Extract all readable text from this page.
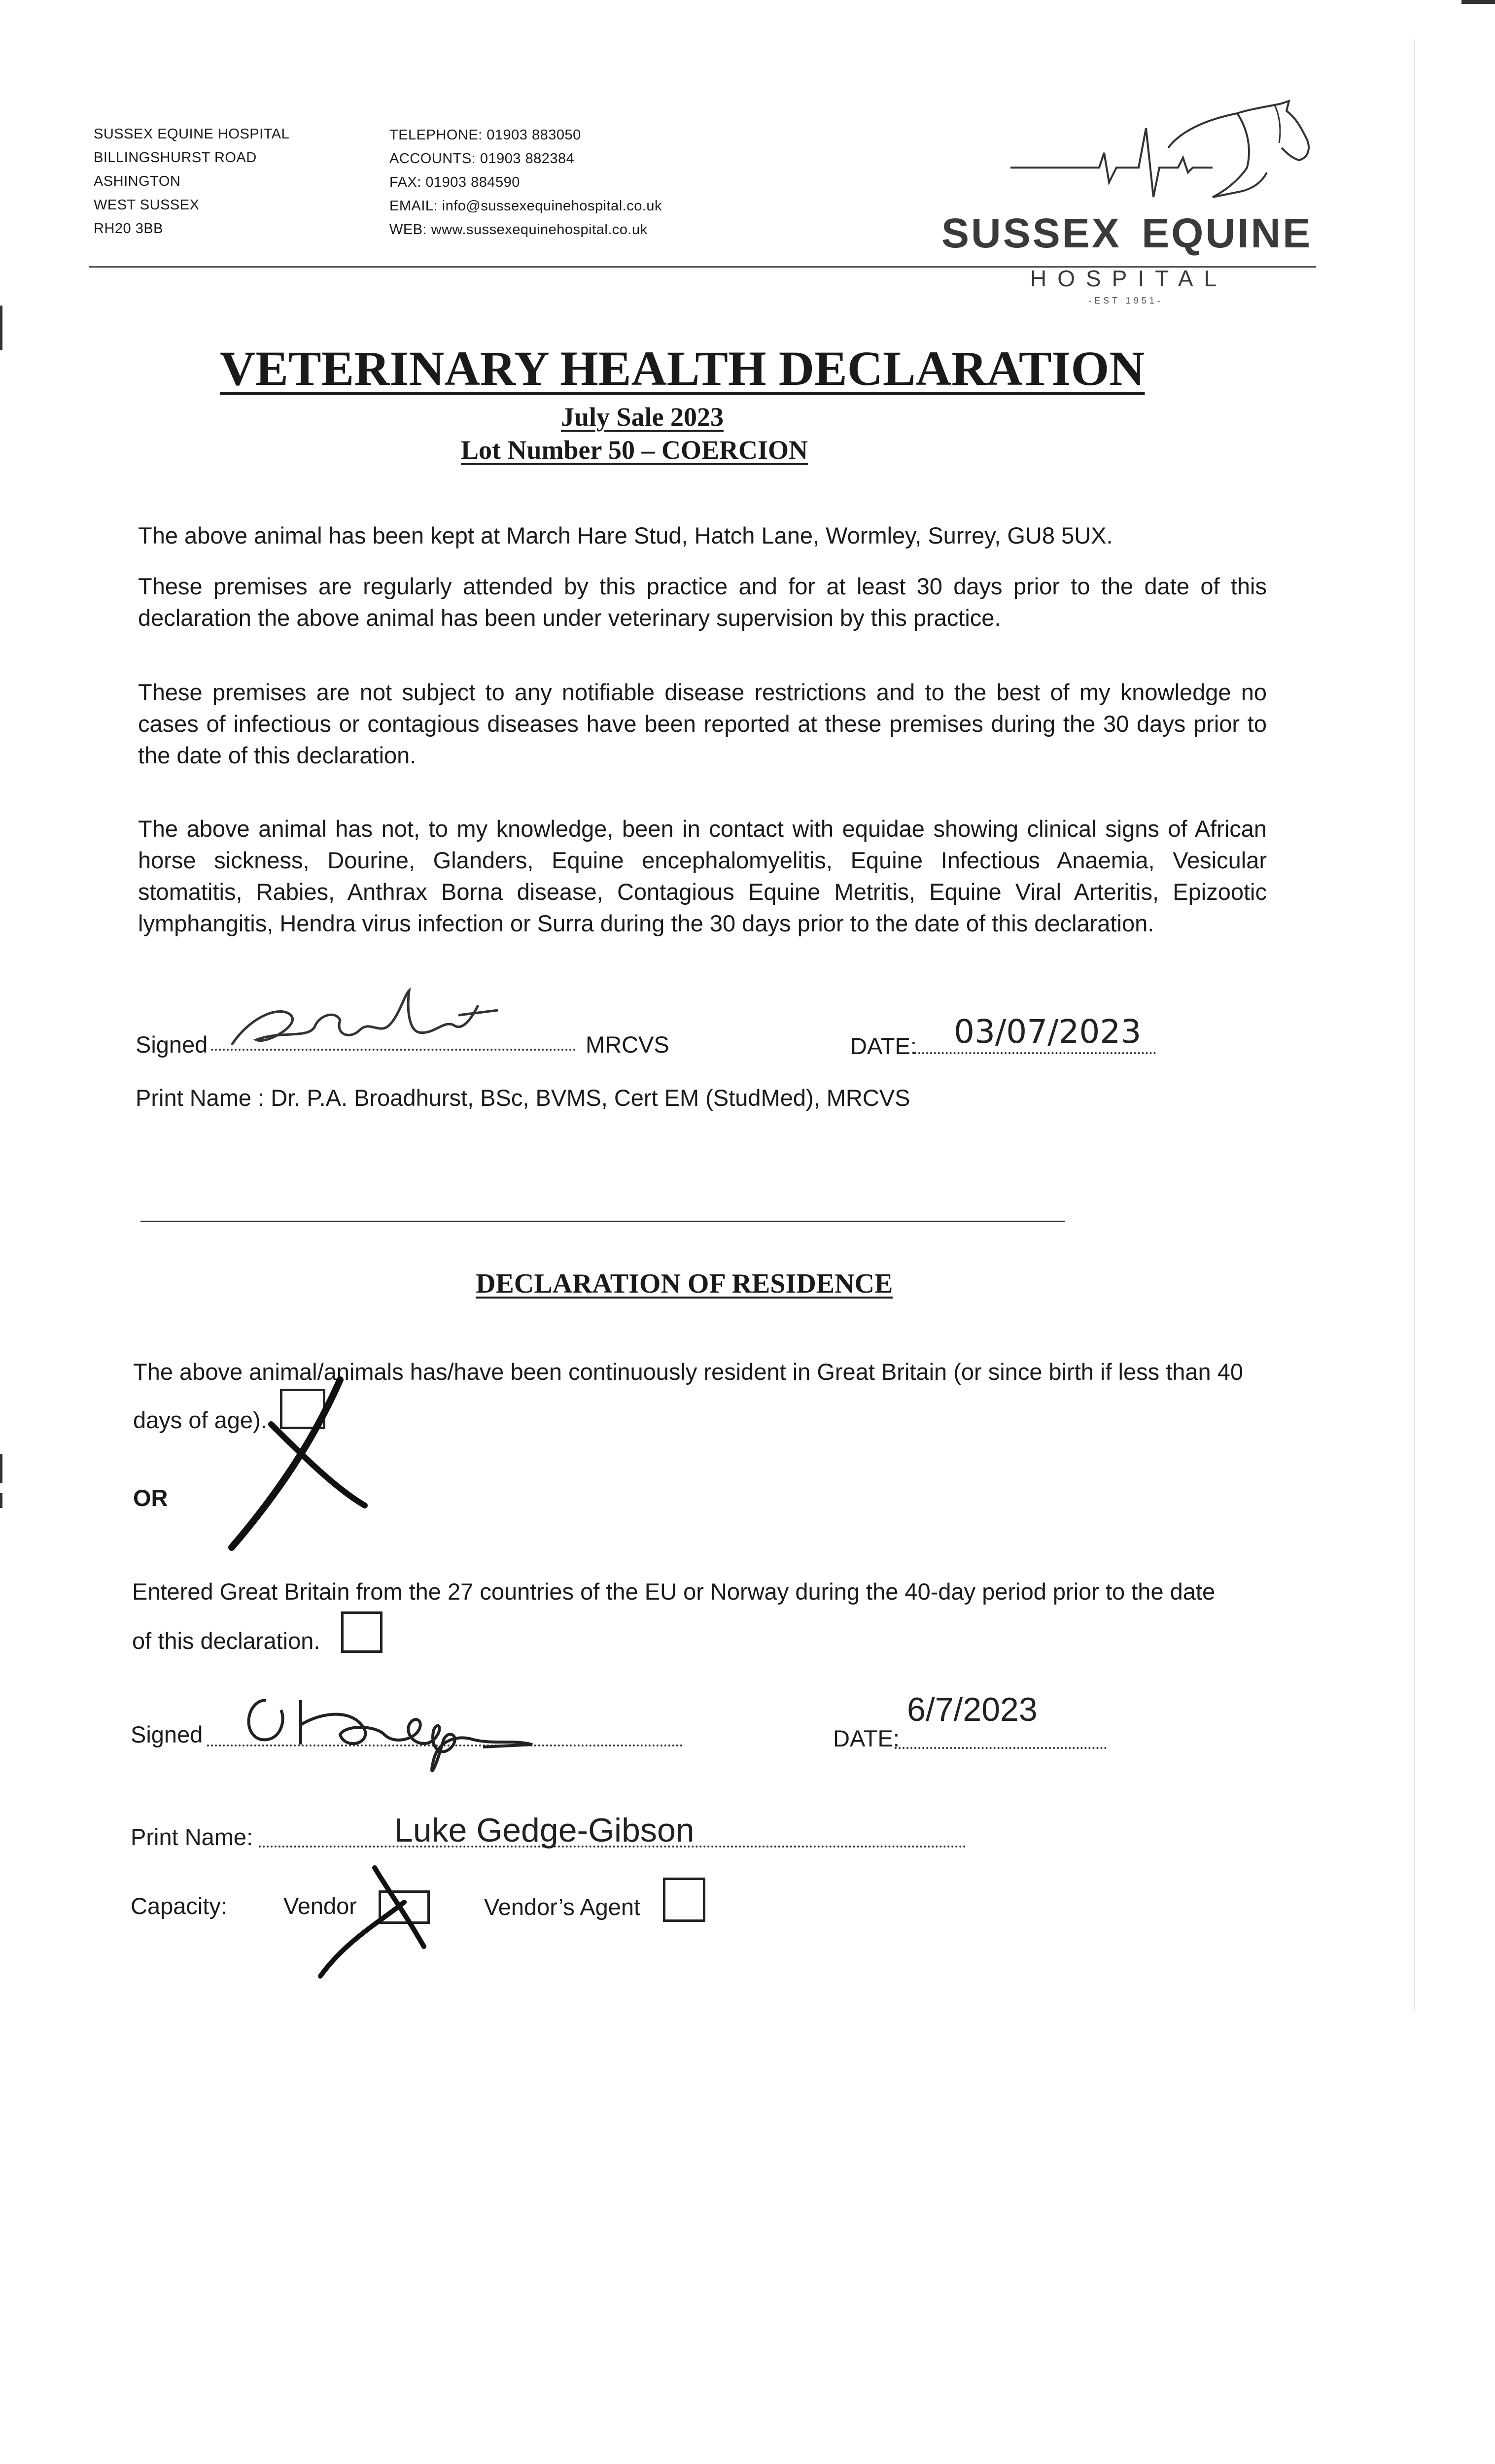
SUSSEX EQUINE HOSPITAL
BILLINGSHURST ROAD
ASHINGTON
WEST SUSSEX
RH20 3BB
TELEPHONE: 01903 883050
ACCOUNTS: 01903 882384
FAX: 01903 884590
EMAIL: info@sussexequinehospital.co.uk
WEB: www.sussexequinehospital.co.uk	SUSSEX EQUINE
HOSPITAL
-EST 1951-
VETERINARY HEALTH DECLARATION
July Sale 2023
Lot Number 50 – COERCION
The above animal has been kept at March Hare Stud, Hatch Lane, Wormley, Surrey, GU8 5UX.
These premises are regularly attended by this practice and for at least 30 days prior to the date of this declaration the above animal has been under veterinary supervision by this practice.
These premises are not subject to any notifiable disease restrictions and to the best of my knowledge no cases of infectious or contagious diseases have been reported at these premises during the 30 days prior to the date of this declaration.
The above animal has not, to my knowledge, been in contact with equidae showing clinical signs of African horse sickness, Dourine, Glanders, Equine encephalomyelitis, Equine Infectious Anaemia, Vesicular stomatitis, Rabies, Anthrax Borna disease, Contagious Equine Metritis, Equine Viral Arteritis, Epizootic lymphangitis, Hendra virus infection or Surra during the 30 days prior to the date of this declaration.
Signed	MRCVS	DATE: 03/07/2023
Print Name : Dr. P.A. Broadhurst, BSc, BVMS, Cert EM (StudMed), MRCVS
DECLARATION OF RESIDENCE
The above animal/animals has/have been continuously resident in Great Britain (or since birth if less than 40
days of age).
OR
Entered Great Britain from the 27 countries of the EU or Norway during the 40-day period prior to the date
of this declaration.
Signed	DATE:
6/7/2023
Print Name:	Luke Gedge-Gibson
Capacity: Vendor	Vendor’s Agent
